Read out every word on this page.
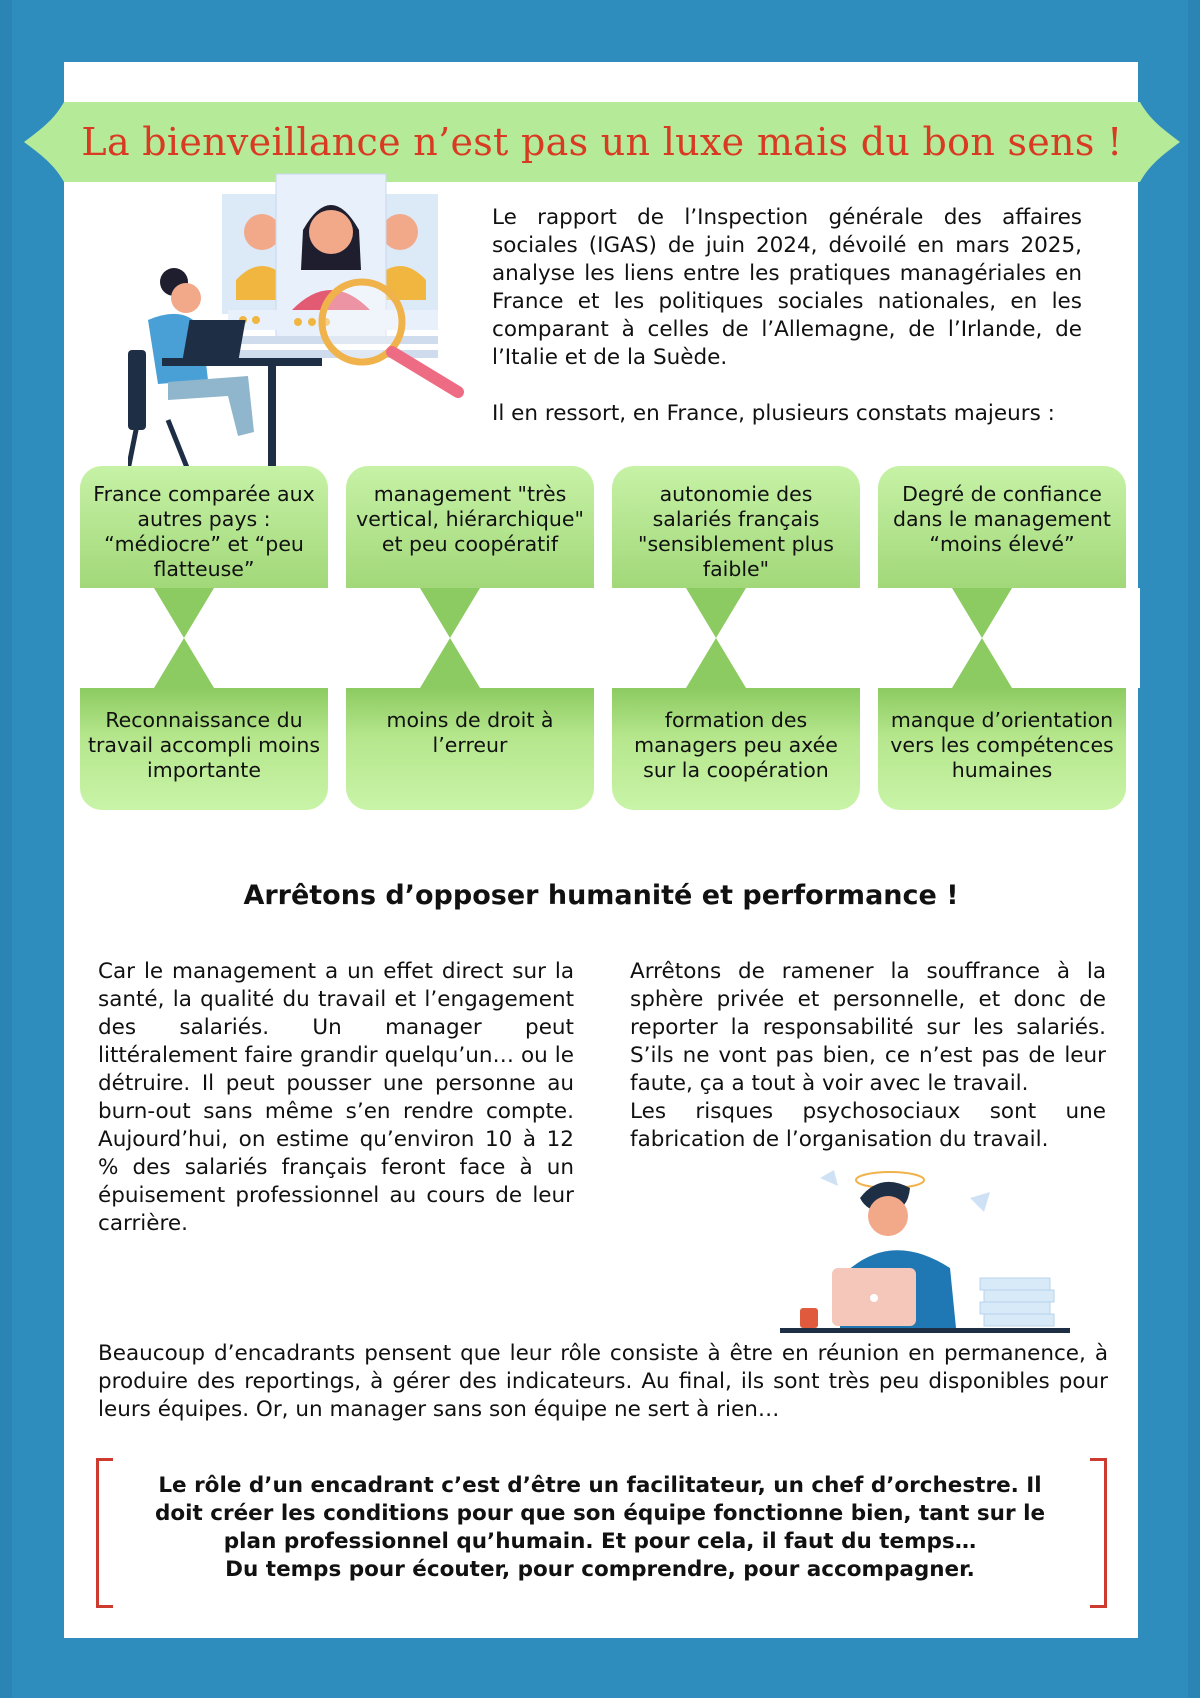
La bienveillance n’est pas un luxe mais du bon sens !

Le rapport de l’Inspection générale des affaires sociales (IGAS) de juin 2024, dévoilé en mars 2025, analyse les liens entre les pratiques managériales en France et les politiques sociales nationales, en les comparant à celles de l’Allemagne, de l’Irlande, de l’Italie et de la Suède.

Il en ressort, en France, plusieurs constats majeurs :

France comparée aux autres pays : “médiocre” et “peu flatteuse”
management "très vertical, hiérarchique" et peu coopératif
autonomie des salariés français "sensiblement plus faible"
Degré de confiance dans le management “moins élevé”
Reconnaissance du travail accompli moins importante
moins de droit à l’erreur
formation des managers peu axée sur la coopération
manque d’orientation vers les compétences humaines
Arrêtons d’opposer humanité et performance !

Car le management a un effet direct sur la santé, la qualité du travail et l’engagement des salariés. Un manager peut littéralement faire grandir quelqu’un… ou le détruire. Il peut pousser une personne au burn-out sans même s’en rendre compte. Aujourd’hui, on estime qu’environ 10 à 12 % des salariés français feront face à un épuisement professionnel au cours de leur carrière.

Arrêtons de ramener la souffrance à la sphère privée et personnelle, et donc de reporter la responsabilité sur les salariés. S’ils ne vont pas bien, ce n’est pas de leur faute, ça a tout à voir avec le travail.

Les risques psychosociaux sont une fabrication de l’organisation du travail.

Beaucoup d’encadrants pensent que leur rôle consiste à être en réunion en permanence, à produire des reportings, à gérer des indicateurs. Au final, ils sont très peu disponibles pour leurs équipes. Or, un manager sans son équipe ne sert à rien…
Le rôle d’un encadrant c’est d’être un facilitateur, un chef d’orchestre. Il
doit créer les conditions pour que son équipe fonctionne bien, tant sur le
plan professionnel qu’humain. Et pour cela, il faut du temps…
Du temps pour écouter, pour comprendre, pour accompagner.
